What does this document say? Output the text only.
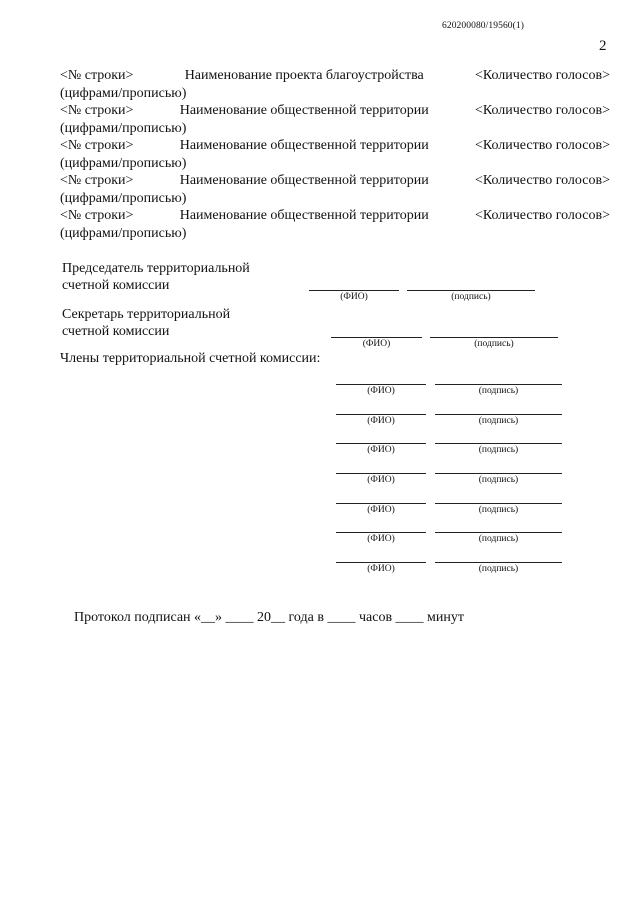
620200080/19560(1)
2
<№ строки>	Наименование проекта благоустройства	<Количество голосов>
(цифрами/прописью)
<№ строки>	Наименование общественной территории	<Количество голосов>
(цифрами/прописью)
<№ строки>	Наименование общественной территории	<Количество голосов>
(цифрами/прописью)
<№ строки>	Наименование общественной территории	<Количество голосов>
(цифрами/прописью)
<№ строки>	Наименование общественной территории	<Количество голосов>
(цифрами/прописью)
Председатель территориальной
счетной комиссии
(ФИО)	(подпись)
Секретарь территориальной
счетной комиссии
(ФИО)	(подпись)
Члены территориальной счетной комиссии:
(ФИО)	(подпись)
(ФИО)	(подпись)
(ФИО)	(подпись)
(ФИО)	(подпись)
(ФИО)	(подпись)
(ФИО)	(подпись)
(ФИО)	(подпись)
Протокол подписан «__» ____ 20__ года в ____ часов ____ минут
